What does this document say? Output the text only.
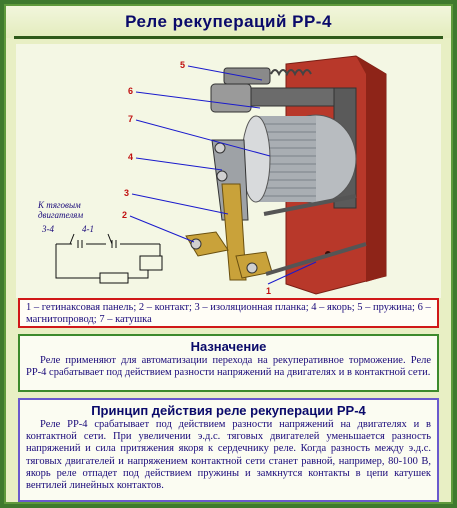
Реле рекупераций РР-4
5
6
7
4
3
2
1
К тяговым
двигателям
3-4	4-1
1 – гетинаксовая панель; 2 – контакт; 3 – изоляционная планка; 4 – якорь; 5 – пружина; 6 – магнитопровод; 7 – катушка
Назначение
Реле применяют для автоматизации перехода на рекуперативное торможение. Реле РР-4 срабатывает под действием разности напряжений на двигателях и в контактной сети.
Принцип действия реле рекуперации РР-4
Реле РР-4 срабатывает под действием разности напряжений на двигателях и в контактной сети. При увеличении э.д.с. тяговых двигателей уменьшается разность напряжений и сила притяжения якоря к сердечнику реле. Когда разность между э.д.с. тяговых двигателей и напряжением контактной сети станет равной, например, 80-100 В, якорь реле отпадет под действием пружины и замкнутся контакты в цепи катушек вентилей линейных контактов.
